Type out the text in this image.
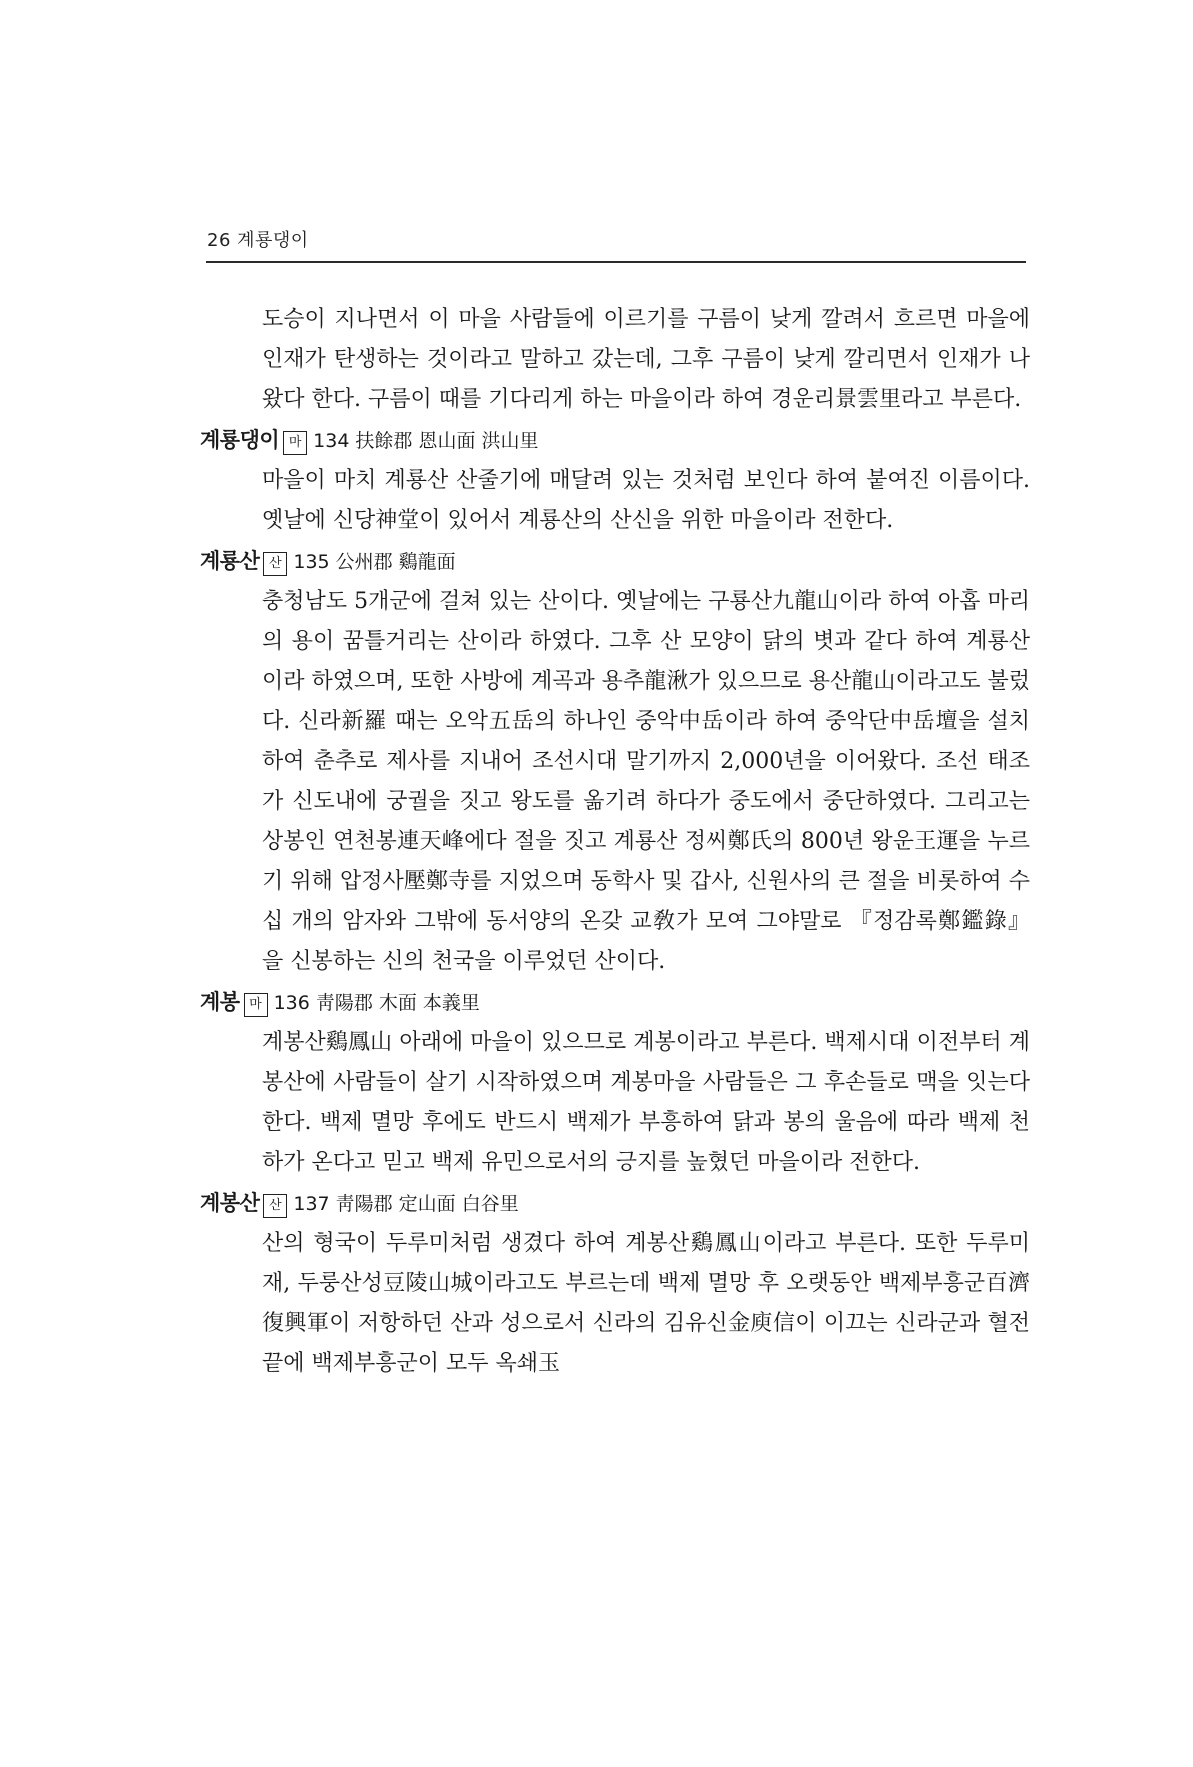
26 계룡댕이

도승이 지나면서 이 마을 사람들에 이르기를 구름이 낮게 깔려서 흐르면 마을에 인재가 탄생하는 것이라고 말하고 갔는데, 그후 구름이 낮게 깔리면서 인재가 나왔다 한다. 구름이 때를 기다리게 하는 마을이라 하여 경운리景雲里라고 부른다.

계룡댕이 마 134 扶餘郡 恩山面 洪山里

마을이 마치 계룡산 산줄기에 매달려 있는 것처럼 보인다 하여 붙여진 이름이다. 옛날에 신당神堂이 있어서 계룡산의 산신을 위한 마을이라 전한다.

계룡산 산 135 公州郡 鷄龍面

충청남도 5개군에 걸쳐 있는 산이다. 옛날에는 구룡산九龍山이라 하여 아홉 마리의 용이 꿈틀거리는 산이라 하였다. 그후 산 모양이 닭의 볏과 같다 하여 계룡산이라 하였으며, 또한 사방에 계곡과 용추龍湫가 있으므로 용산龍山이라고도 불렀다. 신라新羅 때는 오악五岳의 하나인 중악中岳이라 하여 중악단中岳壇을 설치하여 춘추로 제사를 지내어 조선시대 말기까지 2,000년을 이어왔다. 조선 태조가 신도내에 궁궐을 짓고 왕도를 옮기려 하다가 중도에서 중단하였다. 그리고는 상봉인 연천봉連天峰에다 절을 짓고 계룡산 정씨鄭氏의 800년 왕운王運을 누르기 위해 압정사壓鄭寺를 지었으며 동학사 및 갑사, 신원사의 큰 절을 비롯하여 수십 개의 암자와 그밖에 동서양의 온갖 교敎가 모여 그야말로 『정감록鄭鑑錄』을 신봉하는 신의 천국을 이루었던 산이다.

계봉 마 136 靑陽郡 木面 本義里

계봉산鷄鳳山 아래에 마을이 있으므로 계봉이라고 부른다. 백제시대 이전부터 계봉산에 사람들이 살기 시작하였으며 계봉마을 사람들은 그 후손들로 맥을 잇는다 한다. 백제 멸망 후에도 반드시 백제가 부흥하여 닭과 봉의 울음에 따라 백제 천하가 온다고 믿고 백제 유민으로서의 긍지를 높혔던 마을이라 전한다.

계봉산 산 137 靑陽郡 定山面 白谷里

산의 형국이 두루미처럼 생겼다 하여 계봉산鷄鳳山이라고 부른다. 또한 두루미재, 두룽산성豆陵山城이라고도 부르는데 백제 멸망 후 오랫동안 백제부흥군百濟復興軍이 저항하던 산과 성으로서 신라의 김유신金庾信이 이끄는 신라군과 혈전 끝에 백제부흥군이 모두 옥쇄玉
